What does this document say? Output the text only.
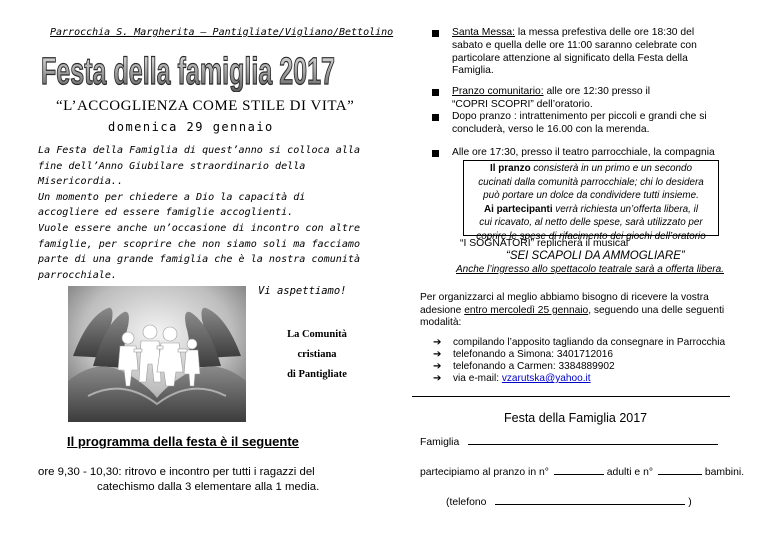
Parrocchia S. Margherita – Pantigliate/Vigliano/Bettolino
Festa della famiglia 2017
“L’ACCOGLIENZA COME STILE DI VITA”
domenica 29 gennaio
La Festa della Famiglia di quest’anno si colloca alla
fine dell’Anno Giubilare straordinario della
Misericordia..
Un momento per chiedere a Dio la capacità di
accogliere ed essere famiglie accoglienti.
Vuole essere anche un’occasione di incontro con altre
famiglie, per scoprire che non siamo soli ma facciamo
parte di una grande famiglia che è la nostra comunità
parrocchiale.
Vi aspettiamo!
La Comunità
cristiana
di Pantigliate
Il programma della festa è il seguente
ore 9,30 - 10,30: ritrovo e incontro per tutti i ragazzi del
catechismo dalla 3 elementare alla 1 media.
Santa Messa: la messa prefestiva delle ore 18:30 del
sabato e quella delle ore 11:00 saranno celebrate con
particolare attenzione al significato della Festa della
Famiglia.
Pranzo comunitario: alle ore 12:30 presso il
“COPRI SCOPRI” dell’oratorio.
Dopo pranzo : intrattenimento per piccoli e grandi che si
concluderà, verso le 16.00 con la merenda.
Alle ore 17:30, presso il teatro parrocchiale, la compagnia
Il pranzo consisterà in un primo e un secondo
cucinati dalla comunità parrocchiale; chi lo desidera
può portare un dolce da condividere tutti insieme.
Ai partecipanti verrà richiesta un’offerta libera, il
cui ricavato, al netto delle spese, sarà utilizzato per
coprire le spese di rifacimento dei giochi dell’oratorio
“I SOGNATORI” replicherà il musical
“SEI SCAPOLI DA AMMOGLIARE”
Anche l’ingresso allo spettacolo teatrale sarà a offerta libera.
Per organizzarci al meglio abbiamo bisogno di ricevere la vostra
adesione entro mercoledì 25 gennaio, seguendo una delle seguenti
modalità:
➔ compilando l’apposito tagliando da consegnare in Parrocchia
➔ telefonando a Simona: 3401712016
➔ telefonando a Carmen: 3384889902
➔ via e-mail: vzarutska@yahoo.it
Festa della Famiglia 2017
Famiglia
partecipiamo al pranzo in n°	adulti e n°	bambini.
(telefono	)
